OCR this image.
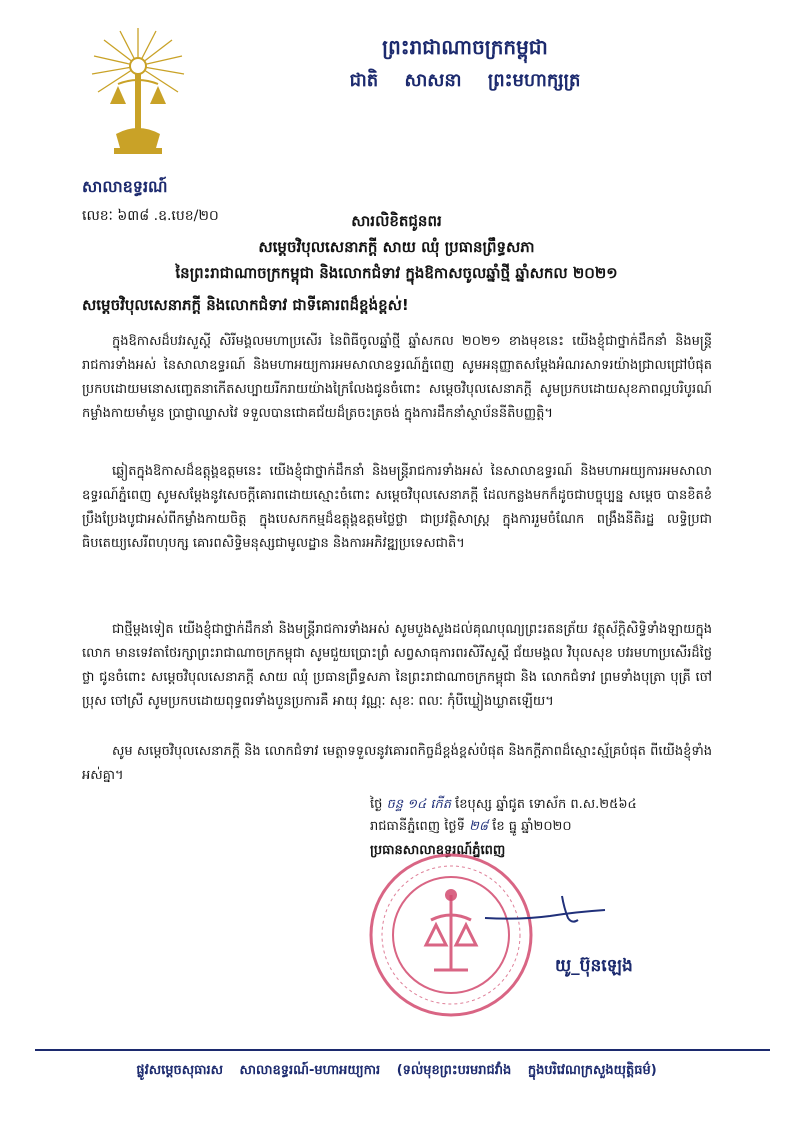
ព្រះរាជាណាចក្រកម្ពុជា
ជាតិ សាសនា ព្រះមហាក្សត្រ
សាលាឧទ្ធរណ៍
លេខៈ ៦៣៨ .ឧ.បេខ/២០	សារលិខិតជូនពរ
សម្តេចវិបុលសេនាភក្តី សាយ ឈុំ ប្រធានព្រឹទ្ធសភា
នៃព្រះរាជាណាចក្រកម្ពុជា និងលោកជំទាវ ក្នុងឱកាសចូលឆ្នាំថ្មី ឆ្នាំសកល ២០២១
សម្តេចវិបុលសេនាភក្តី និងលោកជំទាវ ជាទីគោរពដ៏ខ្ពង់ខ្ពស់!
ក្នុងឱកាសដ៏បវរសួស្តី សិរីមង្គលមហាប្រសើរ នៃពិធីចូលឆ្នាំថ្មី ឆ្នាំសកល ២០២១ ខាងមុខនេះ យើងខ្ញុំជាថ្នាក់ដឹកនាំ និងមន្ត្រីរាជការទាំងអស់ នៃសាលាឧទ្ធរណ៍ និងមហាអយ្យការអមសាលាឧទ្ធរណ៍ភ្នំពេញ សូមអនុញ្ញាតសម្តែងអំណរសាទរយ៉ាងជ្រាលជ្រៅបំផុត ប្រកបដោយមនោសញ្ចេតនាកើតសប្បាយរីករាយយ៉ាងក្រៃលែងជូនចំពោះ សម្តេចវិបុលសេនាភក្តី សូមប្រកបដោយសុខភាពល្អបរិបូរណ៍ កម្លាំងកាយមាំមួន ប្រាជ្ញាឈ្លាសវៃ ទទួលបានជោគជ័យដ៏ត្រចះត្រចង់ ក្នុងការដឹកនាំស្ថាប័ននីតិបញ្ញត្តិ។
ឆ្លៀតក្នុងឱកាសដ៏ឧត្តុង្គឧត្តមនេះ យើងខ្ញុំជាថ្នាក់ដឹកនាំ និងមន្ត្រីរាជការទាំងអស់ នៃសាលាឧទ្ធរណ៍ និងមហាអយ្យការអមសាលាឧទ្ធរណ៍ភ្នំពេញ សូមសម្តែងនូវសេចក្តីគោរពដោយស្មោះចំពោះ សម្តេចវិបុលសេនាភក្តី ដែលកន្លងមកក៏ដូចជាបច្ចុប្បន្ន សម្តេច បានខិតខំប្រឹងប្រែងបូជាអស់ពីកម្លាំងកាយចិត្ត ក្នុងបេសកកម្មដ៏ឧត្តុង្គឧត្តមថ្លៃថ្លា ជាប្រវត្តិសាស្ត្រ ក្នុងការរួមចំណែក ពង្រឹងនីតិរដ្ឋ លទ្ធិប្រជាធិបតេយ្យសេរីពហុបក្ស គោរពសិទ្ធិមនុស្សជាមូលដ្ឋាន និងការអភិវឌ្ឍប្រទេសជាតិ។
ជាថ្មីម្តងទៀត យើងខ្ញុំជាថ្នាក់ដឹកនាំ និងមន្ត្រីរាជការទាំងអស់ សូមបួងសួងដល់គុណបុណ្យព្រះរតនត្រ័យ វត្ថុស័ក្តិសិទ្ធិទាំងឡាយក្នុងលោក មានទេវតាថែរក្សាព្រះរាជាណាចក្រកម្ពុជា សូមជួយប្រោះព្រំ សព្វសាធុការពរសិរីសួស្តី ជ័យមង្គល វិបុលសុខ បវរមហាប្រសើរដ៏ថ្លៃថ្លា ជូនចំពោះ សម្តេចវិបុលសេនាភក្តី សាយ ឈុំ ប្រធានព្រឹទ្ធសភា នៃព្រះរាជាណាចក្រកម្ពុជា និង លោកជំទាវ ព្រមទាំងបុត្រា បុត្រី ចៅប្រុស ចៅស្រី សូមប្រកបដោយពុទ្ធពរទាំងបួនប្រការគឺ អាយុ វណ្ណៈ សុខៈ ពលៈ កុំបីឃ្លៀងឃ្លាតឡើយ។
សូម សម្តេចវិបុលសេនាភក្តី និង លោកជំទាវ មេត្តាទទួលនូវគោរពកិច្ចដ៏ខ្ពង់ខ្ពស់បំផុត និងកក្តីភាពដ៏ស្មោះស្ម័គ្របំផុត ពីយើងខ្ញុំទាំងអស់គ្នា។
ថ្ងៃ ចន្ទ ១៤ កើត ខែបុស្ស ឆ្នាំជូត ទោស័ក ព.ស.២៥៦៤
រាជធានីភ្នំពេញ ថ្ងៃទី ២៨ ខែ ធ្នូ ឆ្នាំ២០២០
ប្រធានសាលាឧទ្ធរណ៍ភ្នំពេញ
យូ_ប៊ុនឡេង
ផ្លូវសម្តេចសុធារស សាលាឧទ្ធរណ៍-មហាអយ្យការ (ទល់មុខព្រះបរមរាជវាំង ក្នុងបរិវេណក្រសួងយុត្តិធម៌)
